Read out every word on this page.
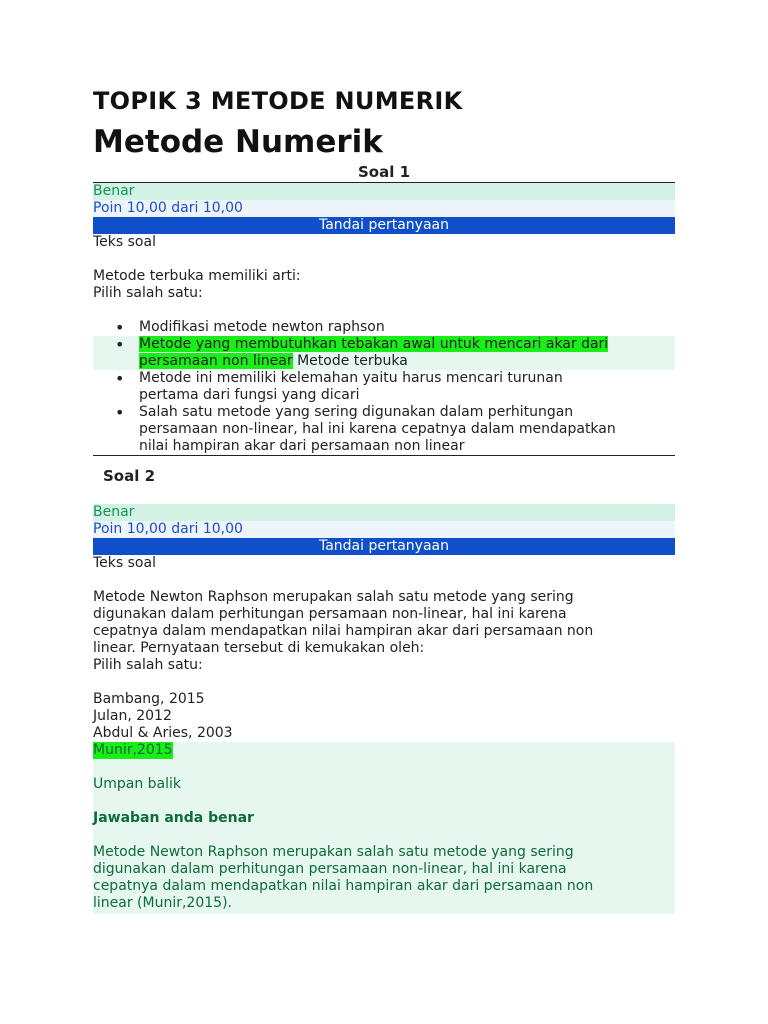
TOPIK 3 METODE NUMERIK
Metode Numerik
Soal 1
Benar
Poin 10,00 dari 10,00
Tandai pertanyaan
Teks soal
Metode terbuka memiliki arti:
Pilih salah satu:
• Modifikasi metode newton raphson
• Metode yang membutuhkan tebakan awal untuk mencari akar dari
persamaan non linear Metode terbuka
• Metode ini memiliki kelemahan yaitu harus mencari turunan
pertama dari fungsi yang dicari
• Salah satu metode yang sering digunakan dalam perhitungan
persamaan non-linear, hal ini karena cepatnya dalam mendapatkan
nilai hampiran akar dari persamaan non linear
Soal 2
Benar
Poin 10,00 dari 10,00
Tandai pertanyaan
Teks soal
Metode Newton Raphson merupakan salah satu metode yang sering
digunakan dalam perhitungan persamaan non-linear, hal ini karena
cepatnya dalam mendapatkan nilai hampiran akar dari persamaan non
linear. Pernyataan tersebut di kemukakan oleh:
Pilih salah satu:
Bambang, 2015
Julan, 2012
Abdul & Aries, 2003
Munir,2015
Umpan balik
Jawaban anda benar
Metode Newton Raphson merupakan salah satu metode yang sering
digunakan dalam perhitungan persamaan non-linear, hal ini karena
cepatnya dalam mendapatkan nilai hampiran akar dari persamaan non
linear (Munir,2015).
